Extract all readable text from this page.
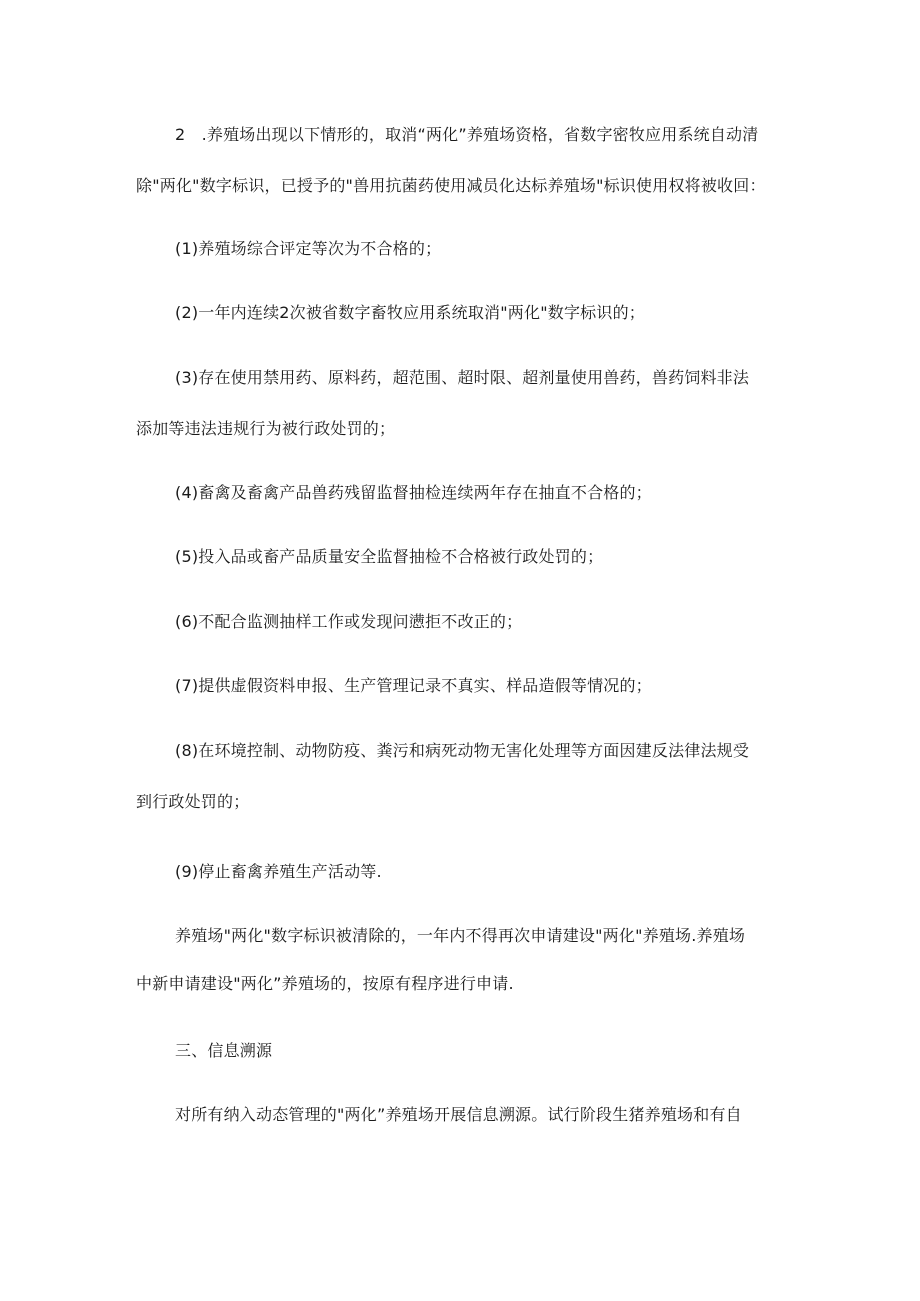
2　.养殖场出现以下情形的，取消“两化”养殖场资格，省数字密牧应用系统自动清
除"两化"数字标识，已授予的"兽用抗菌药使用减员化达标养殖场"标识使用权将被收回：
(1)养殖场综合评定等次为不合格的；
(2)一年内连续2次被省数字畜牧应用系统取消"两化"数字标识的；
(3)存在使用禁用药、原料药，超范围、超时限、超剂量使用兽药，兽药饲料非法
添加等违法违规行为被行政处罚的；
(4)畜禽及畜禽产品兽药残留监督抽检连续两年存在抽直不合格的；
(5)投入品或畜产品质量安全监督抽检不合格被行政处罚的；
(6)不配合监测抽样工作或发现问懑拒不改正的；
(7)提供虚假资料申报、生产管理记录不真实、样品造假等情况的；
(8)在环境控制、动物防疫、粪污和病死动物无害化处理等方面因建反法律法规受
到行政处罚的；
(9)停止畜禽养殖生产活动等.
养殖场"两化"数字标识被清除的，一年内不得再次申请建设"两化"养殖场.养殖场
中新申请建设"两化”养殖场的，按原有程序进行申请.
三、信息溯源
对所有纳入动态管理的"两化”养殖场开展信息溯源。试行阶段生猪养殖场和有自
